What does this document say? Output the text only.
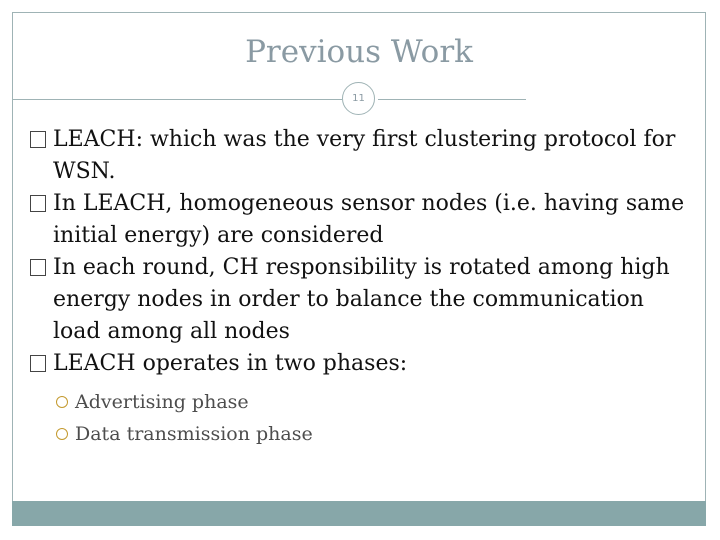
Previous Work
11

LEACH: which was the very first clustering protocol for WSN.

In LEACH, homogeneous sensor nodes (i.e. having same initial energy) are considered

In each round, CH responsibility is rotated among high energy nodes in order to balance the communication load among all nodes

LEACH operates in two phases:

Advertising phase
Data transmission phase
